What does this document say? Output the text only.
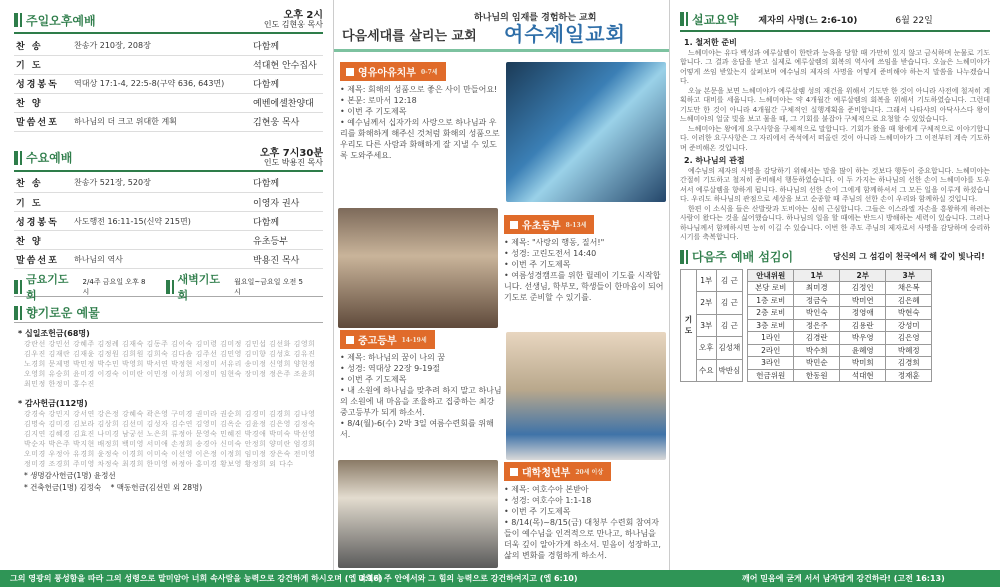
주일오후예배	오후 2시
인도 김현웅 목사
찬 송	찬송가 210장, 208장	다함께
기 도		석대현 안수집사
성경봉독	역대상 17:1-4, 22:5-8(구약 636, 643면)	다함께
찬 양		예벤에셀찬양대
말씀선포	하나님의 더 크고 위대한 계획	김현웅 목사
수요예배	오후 7시30분
인도 박용진 목사
찬 송	찬송가 521장, 520장	다함께
기 도		이영자 권사
성경봉독	사도행전 16:11-15(신약 215면)	다함께
찬 양		유초등부
말씀선포	하나님의 역사	박용진 목사
금요기도회
2/4주 금요일 오후 8시
새벽기도회
월요일~금요일 오전 5시
향기로운 예물
* 십일조헌금(68명)
강란선 강민선 강혜주 김정례 김재숙 김동주 김이숙 김미령 김미정 김민섭 김선화 김영희 김우진 김재란 김재윤 김정원 김희원 김희숙 김다솜 김주선 김민영 김미향 김성호 김유진 노경희 문제명 박민정 박수민 박영희 박서연 박정현 서정미 서유리 송미정 신영희 양현정 오영희 유승희 윤미경 이경숙 이미란 이민정 이성희 이정미 임현숙 장미정 정은주 조윤희 최민정 한정미 홍수진
* 감사헌금(112명)
강경숙 강민지 강서연 강은정 강혜숙 곽은영 구미경 권미라 권순희 김경미 김경희 김나영 김명숙 김미경 김보라 김상희 김선미 김성자 김수연 김영미 김옥순 김윤정 김은영 김정숙 김지연 김혜경 김효진 나미경 남궁선 노은희 류정아 문영숙 민혜진 박경애 박미숙 박선영 박순자 박은주 박지현 배정희 백미영 서미애 손정희 송경아 신미숙 안정희 양미란 엄경희 오미경 우정아 유경희 윤정숙 이경희 이미숙 이선영 이은정 이정희 임미정 장은숙 전미영 정미경 조경희 주미영 차정숙 최경희 한미영 허정아 홍미경 황보영 황정희 외 다수
* 생명감사헌금(1명) 윤정선
* 건축헌금(1명) 김정숙 * 맥동헌금(김선민 외 28명)
하나님의 임재를 경험하는 교회
다음세대를 살리는 교회 여수제일교회
영유아유치부 0-7세
• 제목: 회해의 성품으로 좋은 사이 만들어요!
• 본문: 로마서 12:18
• 이번 주 기도제목
• 예수님께서 십자가의 사랑으로 하나님과 우리를 화해하게 해주신 것처럼 화해의 성품으로 우리도 다른 사람과 화해하게 잘 지낼 수 있도록 도와주세요.
유초등부 8-13세
• 제목: "사랑의 행동, 질서!"
• 성경: 고린도전서 14:40
• 이번 주 기도제목
• 여름성경캠프를 위한 릴레이 기도를 시작합니다. 선생님, 학부모, 학생들이 한마음이 되어 기도로 준비할 수 있기를.
중고등부 14-19세
• 제목: 하나님의 꿈이 나의 꿈
• 성경: 역대상 22장 9-19절
• 이번 주 기도제목
• 내 소원에 하나님을 맞추려 하지 말고 하나님의 소원에 내 마음을 조율하고 집중하는 최강중고등부가 되게 하소서.
• 8/4(월)-6(수) 2박 3일 여름수련회를 위해서.
대학청년부 20세 이상
• 제목: 여호수아 본받아
• 성경: 여호수아 1:1-18
• 이번 주 기도제목
• 8/14(목)~8/15(금) 대청부 수련회 참여자들이 예수님을 인격적으로 만나고, 하나님을 더욱 깊이 알아가게 하소서. 믿음이 성장하고, 삶의 변화를 경험하게 하소서.
설교요약 제자의 사명(느 2:6-10)	6월 22일
1. 철저한 준비

느헤미야는 유다 백성과 예루살렘이 한탄과 능욕을 당할 때 가만히 있지 않고 금식하며 눈물로 기도합니다. 그 결과 응답을 받고 실제로 예루살렘의 회복의 역사에 쓰임을 받습니다. 오늘은 느헤미야가 어떻게 쓰임 받았는지 살펴보며 예수님의 제자의 사명을 어떻게 준비해야 하는지 말씀을 나누겠습니다.

오늘 본문을 보면 느헤미야가 예루살렘 성의 재건을 위해서 기도만 한 것이 아니라 사전에 철저히 계획하고 대비를 세웁니다. 느헤미야는 약 4개월간 예루살렘의 회복을 위해서 기도하였습니다. 그런데 기도만 한 것이 아니라 4개월간 구체적인 실행계획을 준비합니다. 그래서 나타샤의 아닥사스다 왕이 느헤미야의 얼굴 빛을 보고 물을 때, 그 기회를 붙잡아 구체적으로 요청할 수 있었습니다.

느헤미야는 왕에게 요구사항을 구체적으로 말합니다. 기회가 왔을 때 왕에게 구체적으로 이야기합니다. 이러한 요구사항은 그 자리에서 즉석에서 떠올린 것이 아니라 느헤미야가 그 이전부터 계속 기도하며 준비해온 것입니다.

2. 하나님의 관점

예수님의 제자의 사명을 감당하기 위해서는 말을 많이 하는 것보다 행동이 중요합니다. 느헤미야는 간절히 기도하고 철저히 준비해서 행동하였습니다. 이 두 가지는 하나님의 선한 손이 느헤미야를 도우셔서 예루살렘을 향하게 됩니다. 하나님의 선한 손이 그에게 함께하셔서 그 모든 일을 이루게 하셨습니다. 우리도 하나님의 관점으로 세상을 보고 순종할 때 주님의 선한 손이 우리와 함께하실 것입니다.

한편 이 소식을 들은 산발랏과 도비야는 심히 근심합니다. 그들은 이스라엘 자손을 흥왕하게 하려는 사람이 왔다는 것을 싫어했습니다. 하나님의 일을 할 때에는 반드시 방해하는 세력이 있습니다. 그러나 하나님께서 함께하시면 능히 이길 수 있습니다. 이번 한 주도 주님의 제자로서 사명을 감당하며 승리하시기를 축복합니다.

다음주 예배 섬김이	당신의 그 섬김이 천국에서 해 같이 빛나리!
기 도	1부	김 근
	2부	김 근
	3부	김 근
	오후	김성채
	수요	박반심
안내위원	1부	2부	3부
본당 로비	최미경	김정인	채은복
1층 로비	정금숙	박미연	김은혜
2층 로비	박인숙	정영애	박현숙
3층 로비	정은주	김용란	강성미
1라인	김경란	박우영	김은영
2라인	박수희	윤혜영	박혜정
3라인	박민순	박미희	김경희
헌금위원	한동원	석대현	정재훈
그의 영광의 풍성함을 따라 그의 성령으로 말미암아 너희 속사람을 능력으로 강건하게 하시오며 (엡 3:16)
너희가 주 안에서와 그 힘의 능력으로 강건하여지고 (엡 6:10)	깨어 믿음에 굳게 서서 남자답게 강건하라! (고전 16:13)
